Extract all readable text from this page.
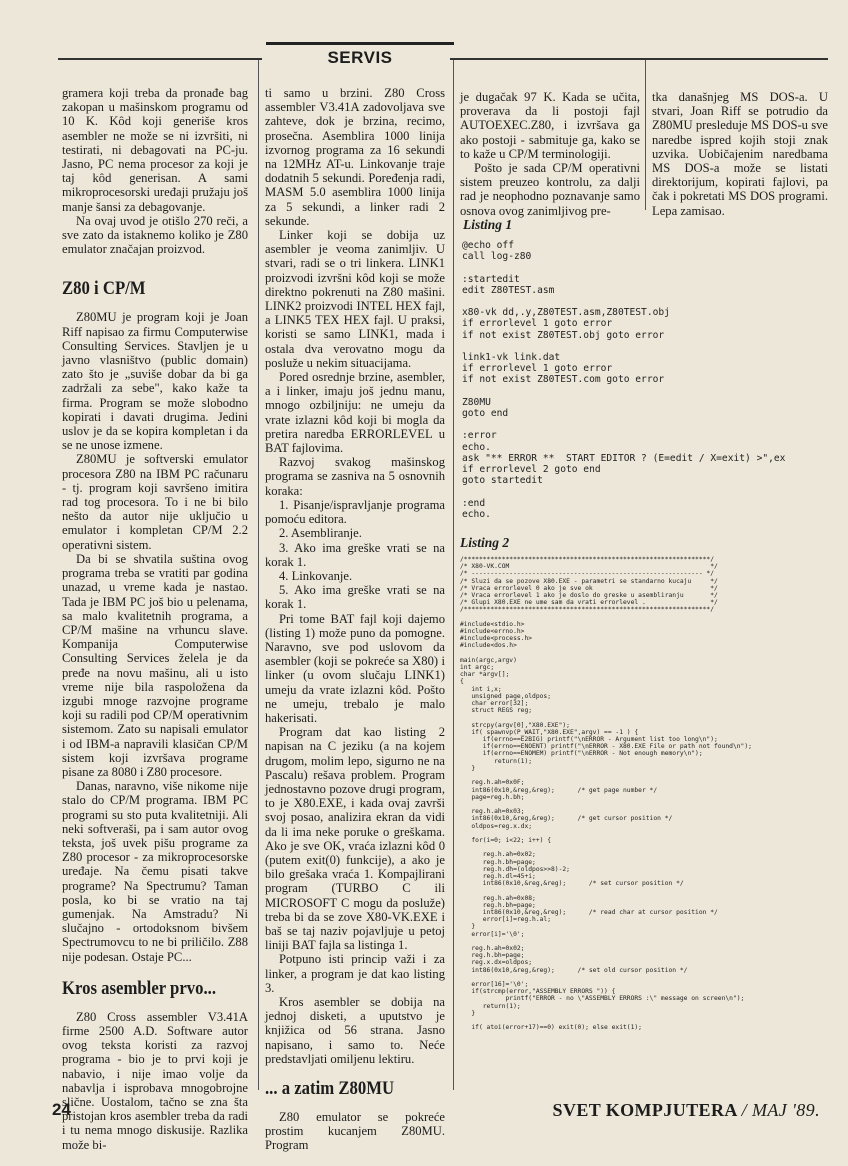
SERVIS

gramera koji treba da pronađe bag zakopan u mašinskom programu od 10 K. Kôd koji generiše kros asembler ne može se ni izvršiti, ni testirati, ni debagovati na PC-ju. Jasno, PC nema procesor za koji je taj kôd generisan. A sami mikroprocesorski uređaji pružaju još manje šansi za debagovanje.

Na ovaj uvod je otišlo 270 reči, a sve zato da istaknemo koliko je Z80 emulator značajan proizvod.

Z80 i CP/M

Z80MU je program koji je Joan Riff napisao za firmu Computerwise Consulting Services. Stavljen je u javno vlasništvo (public domain) zato što je „suviše dobar da bi ga zadržali za sebe", kako kaže ta firma. Program se može slobodno kopirati i davati drugima. Jedini uslov je da se kopira kompletan i da se ne unose izmene.

Z80MU je softverski emulator procesora Z80 na IBM PC računaru - tj. program koji savršeno imitira rad tog procesora. To i ne bi bilo nešto da autor nije uključio u emulator i kompletan CP/M 2.2 operativni sistem.

Da bi se shvatila suština ovog programa treba se vratiti par godina unazad, u vreme kada je nastao. Tada je IBM PC još bio u pelenama, sa malo kvalitetnih programa, a CP/M mašine na vrhuncu slave. Kompanija Computerwise Consulting Services želela je da pređe na novu mašinu, ali u isto vreme nije bila raspoložena da izgubi mnoge razvojne programe koji su radili pod CP/M operativnim sistemom. Zato su napisali emulator i od IBM-a napravili klasičan CP/M sistem koji izvršava programe pisane za 8080 i Z80 procesore.

Danas, naravno, više nikome nije stalo do CP/M programa. IBM PC programi su sto puta kvalitetniji. Ali neki softveraši, pa i sam autor ovog teksta, još uvek pišu programe za Z80 procesor - za mikroprocesorske uređaje. Na čemu pisati takve programe? Na Spectrumu? Taman posla, ko bi se vratio na taj gumenjak. Na Amstradu? Ni slučajno - ortodoksnom bivšem Spectrumovcu to ne bi priličilo. Z88 nije podesan. Ostaje PC...

Kros asembler prvo...

Z80 Cross assembler V3.41A firme 2500 A.D. Software autor ovog teksta koristi za razvoj programa - bio je to prvi koji je nabavio, i nije imao volje da nabavlja i isprobava mnogobrojne slične. Uostalom, tačno se zna šta pristojan kros asembler treba da radi i tu nema mnogo diskusije. Razlika može bi-

ti samo u brzini. Z80 Cross assembler V3.41A zadovoljava sve zahteve, dok je brzina, recimo, prosečna. Asemblira 1000 linija izvornog programa za 16 sekundi na 12MHz AT-u. Linkovanje traje dodatnih 5 sekundi. Poređenja radi, MASM 5.0 asemblira 1000 linija za 5 sekundi, a linker radi 2 sekunde.

Linker koji se dobija uz asembler je veoma zanimljiv. U stvari, radi se o tri linkera. LINK1 proizvodi izvršni kôd koji se može direktno pokrenuti na Z80 mašini. LINK2 proizvodi INTEL HEX fajl, a LINK5 TEX HEX fajl. U praksi, koristi se samo LINK1, mada i ostala dva verovatno mogu da posluže u nekim situacijama.

Pored osrednje brzine, asembler, a i linker, imaju još jednu manu, mnogo ozbiljniju: ne umeju da vrate izlazni kôd koji bi mogla da pretira naredba ERRORLEVEL u BAT fajlovima.

Razvoj svakog mašinskog programa se zasniva na 5 osnovnih koraka:

1. Pisanje/ispravljanje programa pomoću editora.

2. Asembliranje.

3. Ako ima greške vrati se na korak 1.

4. Linkovanje.

5. Ako ima greške vrati se na korak 1.

Pri tome BAT fajl koji dajemo (listing 1) može puno da pomogne. Naravno, sve pod uslovom da asembler (koji se pokreće sa X80) i linker (u ovom slučaju LINK1) umeju da vrate izlazni kôd. Pošto ne umeju, trebalo je malo hakerisati.

Program dat kao listing 2 napisan na C jeziku (a na kojem drugom, molim lepo, sigurno ne na Pascalu) rešava problem. Program jednostavno pozove drugi program, to je X80.EXE, i kada ovaj završi svoj posao, analizira ekran da vidi da li ima neke poruke o greškama. Ako je sve OK, vraća izlazni kôd 0 (putem exit(0) funkcije), a ako je bilo grešaka vraća 1. Kompajlirani program (TURBO C ili MICROSOFT C mogu da posluže) treba bi da se zove X80-VK.EXE i baš se taj naziv pojavljuje u petoj liniji BAT fajla sa listinga 1.

Potpuno isti princip važi i za linker, a program je dat kao listing 3.

Kros asembler se dobija na jednoj disketi, a uputstvo je knjižica od 56 strana. Jasno napisano, i samo to. Neće predstavljati omiljenu lektiru.

... a zatim Z80MU

Z80 emulator se pokreće prostim kucanjem Z80MU. Program

je dugačak 97 K. Kada se učita, proverava da li postoji fajl AUTOEXEC.Z80, i izvršava ga ako postoji - sabmituje ga, kako se to kaže u CP/M terminologiji.

Pošto je sada CP/M operativni sistem preuzeo kontrolu, za dalji rad je neophodno poznavanje samo osnova ovog zanimljivog pre-

tka današnjeg MS DOS-a. U stvari, Joan Riff se potrudio da Z80MU presleduje MS DOS-u sve naredbe ispred kojih stoji znak uzvika. Uobičajenim naredbama MS DOS-a može se listati direktorijum, kopirati fajlovi, pa čak i pokretati MS DOS programi. Lepa zamisao.

Listing 1
@echo off
call log-z80

:startedit
edit Z80TEST.asm

x80-vk dd,.y,Z80TEST.asm,Z80TEST.obj
if errorlevel 1 goto error
if not exist Z80TEST.obj goto error

link1-vk link.dat
if errorlevel 1 goto error
if not exist Z80TEST.com goto error

Z80MU
goto end

:error
echo.
ask "** ERROR **  START EDITOR ? (E=edit / X=exit) >",ex
if errorlevel 2 goto end
goto startedit

:end
echo.
Listing 2
/*****************************************************************/
/* X80-VK.COM                                                     */
/* ------------------------------------------------------------- */
/* Sluzi da se pozove X80.EXE - parametri se standarno kucaju     */
/* Vraca errorlevel 0 ako je sve ok                               */
/* Vraca errorlevel 1 ako je doslo do greske u asembliranju       */
/* Glupi X80.EXE ne ume sam da vrati errorlevel .                 */
/*****************************************************************/

#include<stdio.h>
#include<errno.h>
#include<process.h>
#include<dos.h>

main(argc,argv)
int argc;
char *argv[];
{
int i,x;
unsigned page,oldpos;
char error[32];
struct REGS reg;

strcpy(argv[0],"X80.EXE");
if( spawnvp(P_WAIT,"X80.EXE",argv) == -1 ) {
if(errno==E2BIG) printf("\nERROR - Argument list too long\n");
if(errno==ENOENT) printf("\nERROR - X80.EXE File or path not found\n");
if(errno==ENOMEM) printf("\nERROR - Not enough memory\n");
return(1);
}

reg.h.ah=0x0F;
int86(0x10,&reg,&reg);      /* get page number */
page=reg.h.bh;

reg.h.ah=0x03;
int86(0x10,&reg,&reg);      /* get cursor position */
oldpos=reg.x.dx;

for(i=0; i<22; i++) {

reg.h.ah=0x02;
reg.h.bh=page;
reg.h.dh=(oldpos>>8)-2;
reg.h.dl=45+i;
int86(0x10,&reg,&reg);      /* set cursor position */

reg.h.ah=0x08;
reg.h.bh=page;
int86(0x10,&reg,&reg);      /* read char at cursor position */
error[i]=reg.h.al;
}
error[i]='\0';

reg.h.ah=0x02;
reg.h.bh=page;
reg.x.dx=oldpos;
int86(0x10,&reg,&reg);      /* set old cursor position */

error[16]='\0';
if(strcmp(error,"ASSEMBLY ERRORS ")) {
printf("ERROR - no \"ASSEMBLY ERRORS :\" message on screen\n");
return(1);
}

if( atoi(error+17)==0) exit(0); else exit(1);
24	SVET KOMPJUTERA / MAJ '89.
